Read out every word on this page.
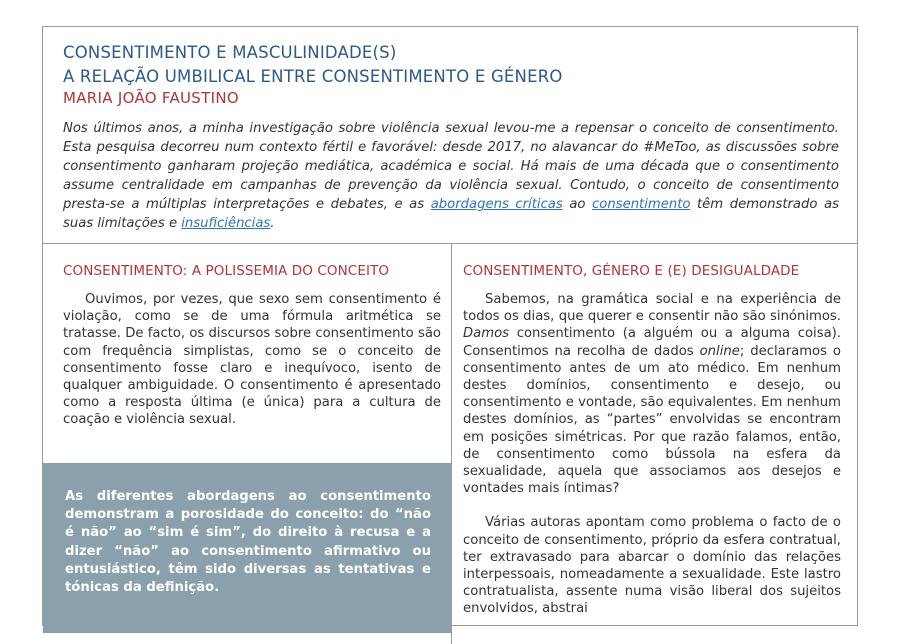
CONSENTIMENTO E MASCULINIDADE(S)
A RELAÇÃO UMBILICAL ENTRE CONSENTIMENTO E GÉNERO
MARIA JOÃO FAUSTINO
Nos últimos anos, a minha investigação sobre violência sexual levou-me a repensar o conceito de consentimento. Esta pesquisa decorreu num contexto fértil e favorável: desde 2017, no alavancar do #MeToo, as discussões sobre consentimento ganharam projeção mediática, académica e social. Há mais de uma década que o consentimento assume centralidade em campanhas de prevenção da violência sexual. Contudo, o conceito de consentimento presta-se a múltiplas interpretações e debates, e as abordagens críticas ao consentimento têm demonstrado as suas limitações e insuficiências.
CONSENTIMENTO: A POLISSEMIA DO CONCEITO

Ouvimos, por vezes, que sexo sem consentimento é violação, como se de uma fórmula aritmética se tratasse. De facto, os discursos sobre consentimento são com frequência simplistas, como se o conceito de consentimento fosse claro e inequívoco, isento de qualquer ambiguidade. O consentimento é apresentado como a resposta última (e única) para a cultura de coação e violência sexual.

As diferentes abordagens ao consentimento demonstram a porosidade do conceito: do “não é não” ao “sim é sim”, do direito à recusa e a dizer “não” ao consentimento afirmativo ou entusiástico, têm sido diversas as tentativas e tónicas da definição.

CONSENTIMENTO, GÉNERO E (E) DESIGUALDADE

Sabemos, na gramática social e na experiência de todos os dias, que querer e consentir não são sinónimos. Damos consentimento (a alguém ou a alguma coisa). Consentimos na recolha de dados online; declaramos o consentimento antes de um ato médico. Em nenhum destes domínios, consentimento e desejo, ou consentimento e vontade, são equivalentes. Em nenhum destes domínios, as “partes” envolvidas se encontram em posições simétricas. Por que razão falamos, então, de consentimento como bússola na esfera da sexualidade, aquela que associamos aos desejos e vontades mais íntimas?

Várias autoras apontam como problema o facto de o conceito de consentimento, próprio da esfera contratual, ter extravasado para abarcar o domínio das relações interpessoais, nomeadamente a sexualidade. Este lastro contratualista, assente numa visão liberal dos sujeitos envolvidos, abstrai
